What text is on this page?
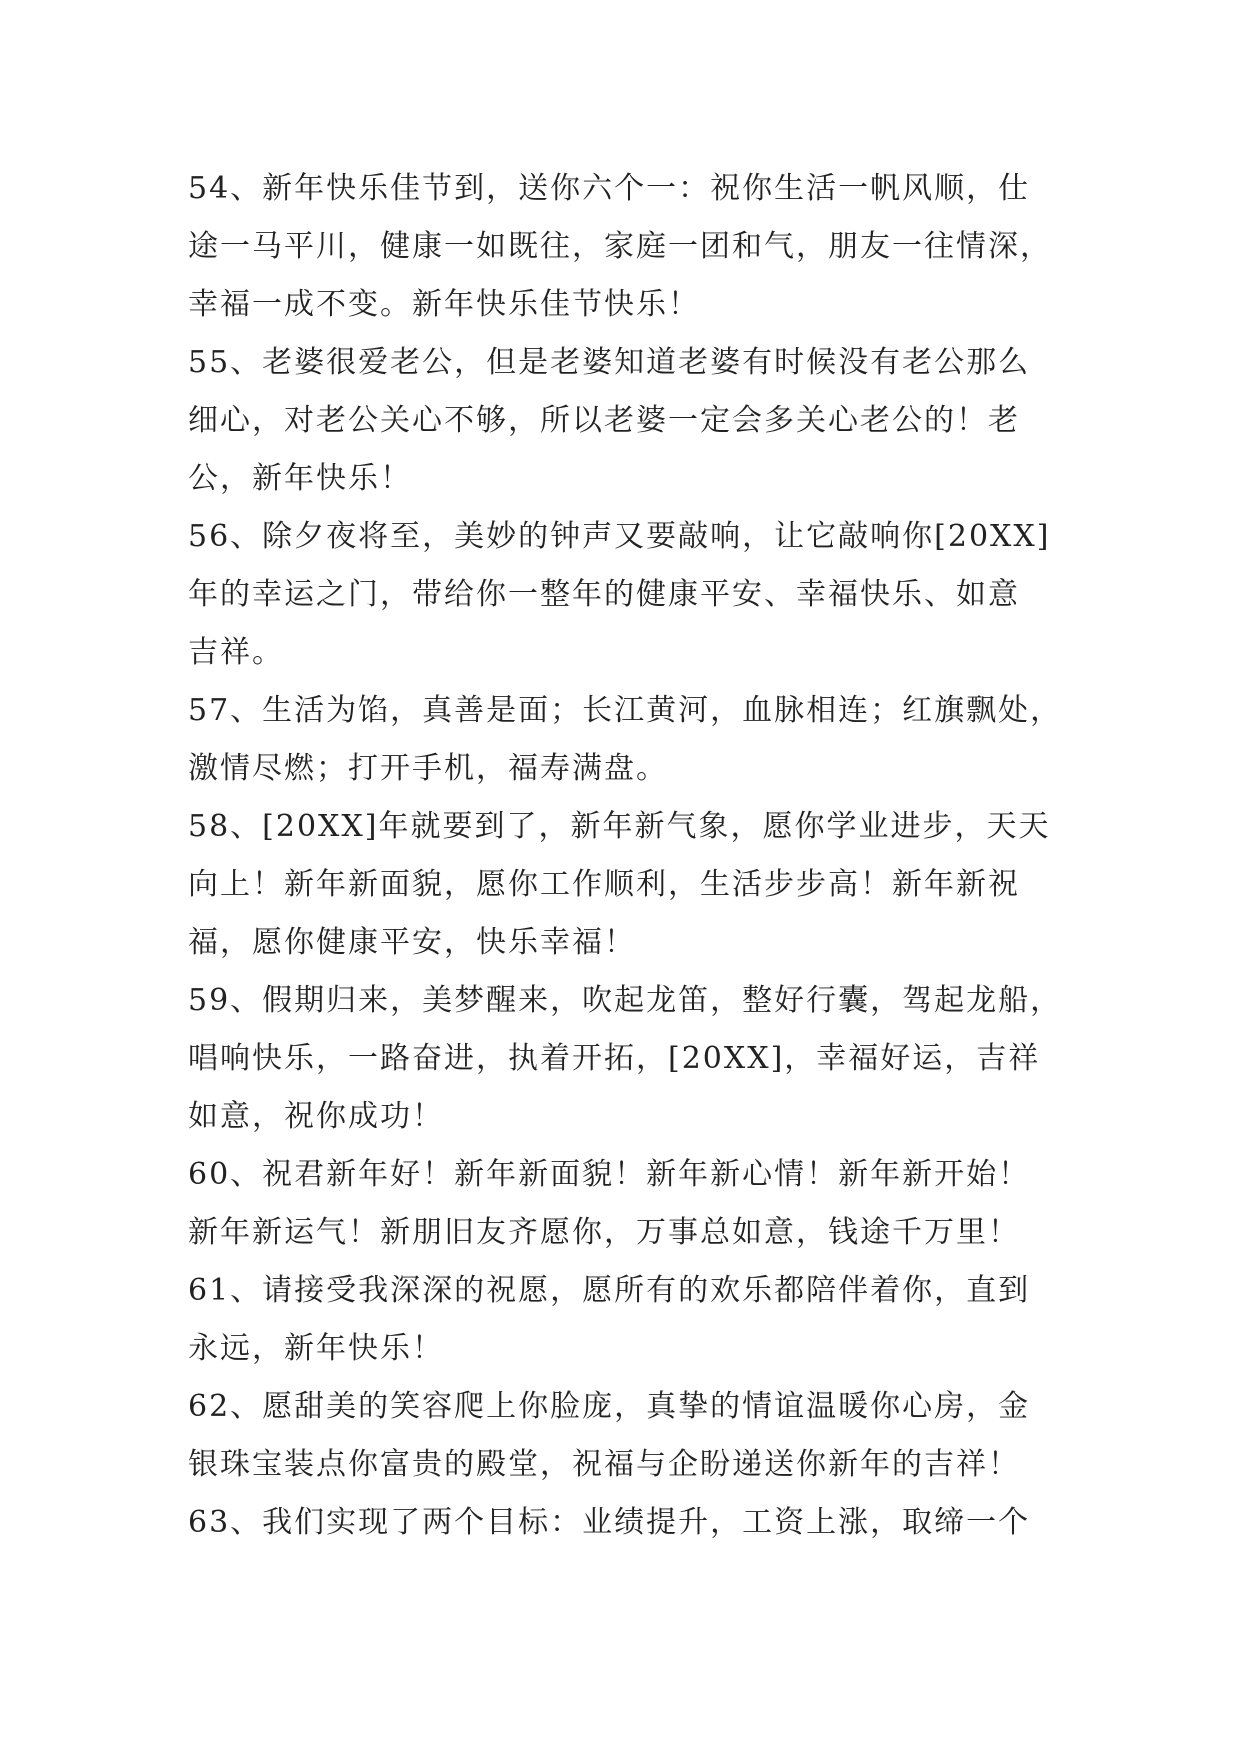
54、新年快乐佳节到，送你六个一：祝你生活一帆风顺，仕
途一马平川，健康一如既往，家庭一团和气，朋友一往情深，
幸福一成不变。新年快乐佳节快乐！
55、老婆很爱老公，但是老婆知道老婆有时候没有老公那么
细心，对老公关心不够，所以老婆一定会多关心老公的！老
公，新年快乐！
56、除夕夜将至，美妙的钟声又要敲响，让它敲响你[20XX]
年的幸运之门，带给你一整年的健康平安、幸福快乐、如意
吉祥。
57、生活为馅，真善是面；长江黄河，血脉相连；红旗飘处，
激情尽燃；打开手机，福寿满盘。
58、[20XX]年就要到了，新年新气象，愿你学业进步，天天
向上！新年新面貌，愿你工作顺利，生活步步高！新年新祝
福，愿你健康平安，快乐幸福！
59、假期归来，美梦醒来，吹起龙笛，整好行囊，驾起龙船，
唱响快乐，一路奋进，执着开拓，[20XX]，幸福好运，吉祥
如意，祝你成功！
60、祝君新年好！新年新面貌！新年新心情！新年新开始！
新年新运气！新朋旧友齐愿你，万事总如意，钱途千万里！
61、请接受我深深的祝愿，愿所有的欢乐都陪伴着你，直到
永远，新年快乐！
62、愿甜美的笑容爬上你脸庞，真挚的情谊温暖你心房，金
银珠宝装点你富贵的殿堂，祝福与企盼递送你新年的吉祥！
63、我们实现了两个目标：业绩提升，工资上涨，取缔一个
